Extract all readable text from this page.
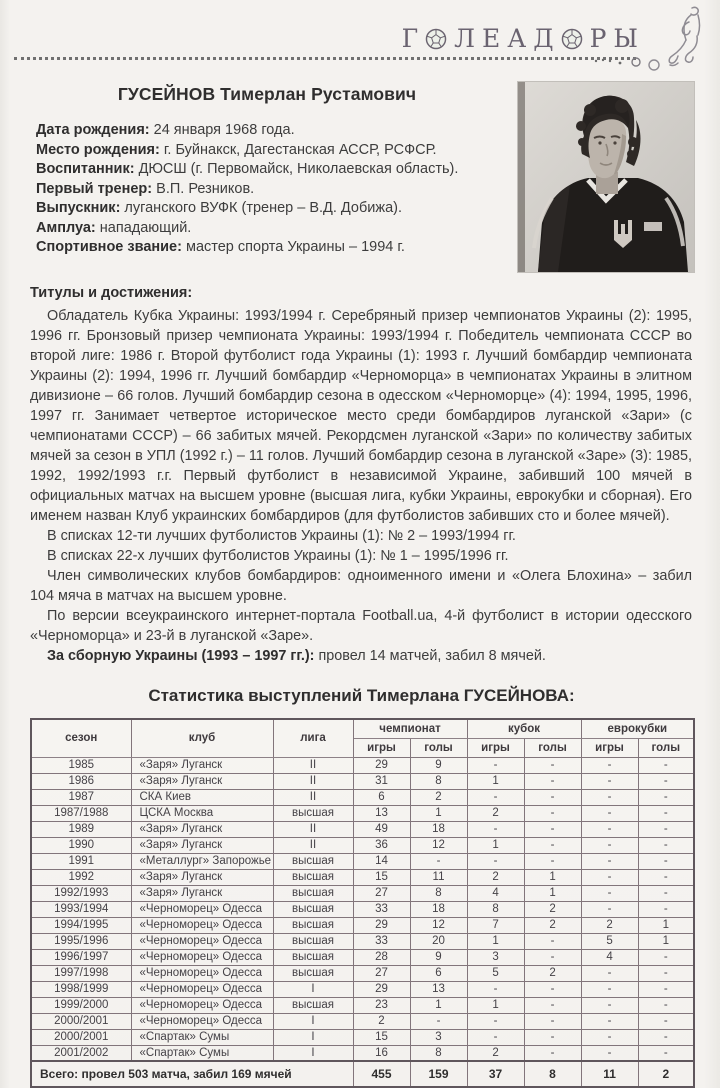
Г Л Е А Д Р Ы
ГУСЕЙНОВ Тимерлан Рустамович
Дата рождения: 24 января 1968 года.
Место рождения: г. Буйнакск, Дагестанская АССР, РСФСР.
Воспитанник: ДЮСШ (г. Первомайск, Николаевская область).
Первый тренер: В.П. Резников.
Выпускник: луганского ВУФК (тренер – В.Д. Добижа).
Амплуа: нападающий.
Спортивное звание: мастер спорта Украины – 1994 г.
Титулы и достижения:

Обладатель Кубка Украины: 1993/1994 г. Серебряный призер чемпионатов Украины (2): 1995, 1996 гг. Бронзовый призер чемпионата Украины: 1993/1994 г. Победитель чемпионата СССР во второй лиге: 1986 г. Второй футболист года Украины (1): 1993 г. Лучший бомбардир чемпионата Украины (2): 1994, 1996 гг. Лучший бомбардир «Черноморца» в чемпионатах Украины в элитном дивизионе – 66 голов. Лучший бомбардир сезона в одесском «Черноморце» (4): 1994, 1995, 1996, 1997 гг. Занимает четвертое историческое место среди бомбардиров луганской «Зари» (с чемпионатами СССР) – 66 забитых мячей. Рекордсмен луганской «Зари» по количеству забитых мячей за сезон в УПЛ (1992 г.) – 11 голов. Лучший бомбардир сезона в луганской «Заре» (3): 1985, 1992, 1992/1993 г.г. Первый футболист в независимой Украине, забивший 100 мячей в официальных матчах на высшем уровне (высшая лига, кубки Украины, еврокубки и сборная). Его именем назван Клуб украинских бомбардиров (для футболистов забивших сто и более мячей).

В списках 12-ти лучших футболистов Украины (1): № 2 – 1993/1994 гг.

В списках 22-х лучших футболистов Украины (1): № 1 – 1995/1996 гг.

Член символических клубов бомбардиров: одноименного имени и «Олега Блохина» – забил 104 мяча в матчах на высшем уровне.

По версии всеукраинского интернет-портала Football.ua, 4-й футболист в истории одесского «Черноморца» и 23-й в луганской «Заре».

За сборную Украины (1993 – 1997 гг.): провел 14 матчей, забил 8 мячей.

Статистика выступлений Тимерлана ГУСЕЙНОВА:
сезон	клуб	лига	чемпионат		кубок		еврокубки	
			игры	голы	игры	голы	игры	голы
1985	«Заря» Луганск	II	29	9	-	-	-	-
1986	«Заря» Луганск	II	31	8	1	-	-	-
1987	СКА Киев	II	6	2	-	-	-	-
1987/1988	ЦСКА Москва	высшая	13	1	2	-	-	-
1989	«Заря» Луганск	II	49	18	-	-	-	-
1990	«Заря» Луганск	II	36	12	1	-	-	-
1991	«Металлург» Запорожье	высшая	14	-	-	-	-	-
1992	«Заря» Луганск	высшая	15	11	2	1	-	-
1992/1993	«Заря» Луганск	высшая	27	8	4	1	-	-
1993/1994	«Черноморец» Одесса	высшая	33	18	8	2	-	-
1994/1995	«Черноморец» Одесса	высшая	29	12	7	2	2	1
1995/1996	«Черноморец» Одесса	высшая	33	20	1	-	5	1
1996/1997	«Черноморец» Одесса	высшая	28	9	3	-	4	-
1997/1998	«Черноморец» Одесса	высшая	27	6	5	2	-	-
1998/1999	«Черноморец» Одесса	I	29	13	-	-	-	-
1999/2000	«Черноморец» Одесса	высшая	23	1	1	-	-	-
2000/2001	«Черноморец» Одесса	I	2	-	-	-	-	-
2000/2001	«Спартак» Сумы	I	15	3	-	-	-	-
2001/2002	«Спартак» Сумы	I	16	8	2	-	-	-
Всего: провел 503 матча, забил 169 мячей			455	159	37	8	11	2
